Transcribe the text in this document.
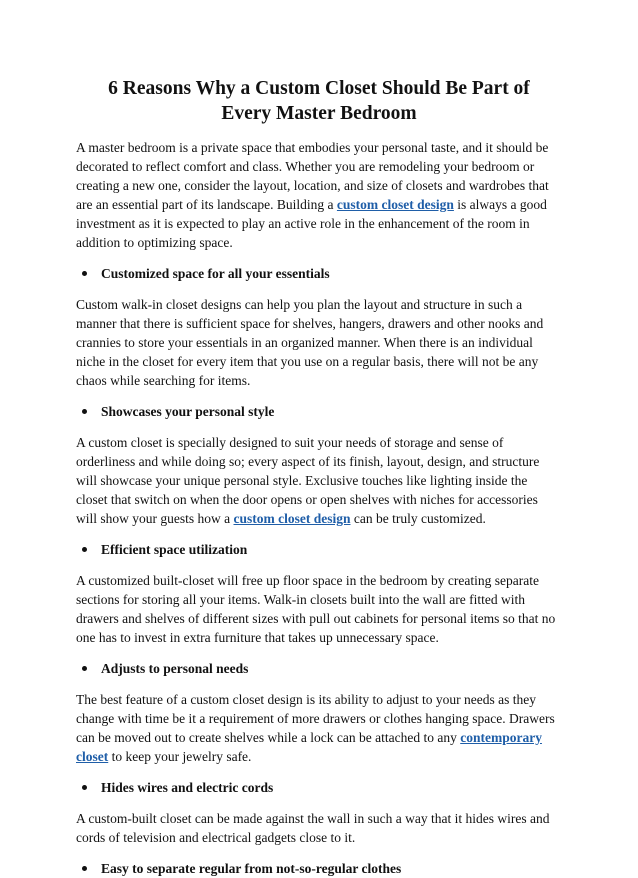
6 Reasons Why a Custom Closet Should Be Part of Every Master Bedroom

A master bedroom is a private space that embodies your personal taste, and it should be decorated to reflect comfort and class. Whether you are remodeling your bedroom or creating a new one, consider the layout, location, and size of closets and wardrobes that are an essential part of its landscape. Building a custom closet design is always a good investment as it is expected to play an active role in the enhancement of the room in addition to optimizing space.

Customized space for all your essentials

Custom walk-in closet designs can help you plan the layout and structure in such a manner that there is sufficient space for shelves, hangers, drawers and other nooks and crannies to store your essentials in an organized manner. When there is an individual niche in the closet for every item that you use on a regular basis, there will not be any chaos while searching for items.

Showcases your personal style

A custom closet is specially designed to suit your needs of storage and sense of orderliness and while doing so; every aspect of its finish, layout, design, and structure will showcase your unique personal style. Exclusive touches like lighting inside the closet that switch on when the door opens or open shelves with niches for accessories will show your guests how a custom closet design can be truly customized.

Efficient space utilization

A customized built-closet will free up floor space in the bedroom by creating separate sections for storing all your items. Walk-in closets built into the wall are fitted with drawers and shelves of different sizes with pull out cabinets for personal items so that no one has to invest in extra furniture that takes up unnecessary space.

Adjusts to personal needs

The best feature of a custom closet design is its ability to adjust to your needs as they change with time be it a requirement of more drawers or clothes hanging space. Drawers can be moved out to create shelves while a lock can be attached to any contemporary closet to keep your jewelry safe.

Hides wires and electric cords

A custom-built closet can be made against the wall in such a way that it hides wires and cords of television and electrical gadgets close to it.

Easy to separate regular from not-so-regular clothes
